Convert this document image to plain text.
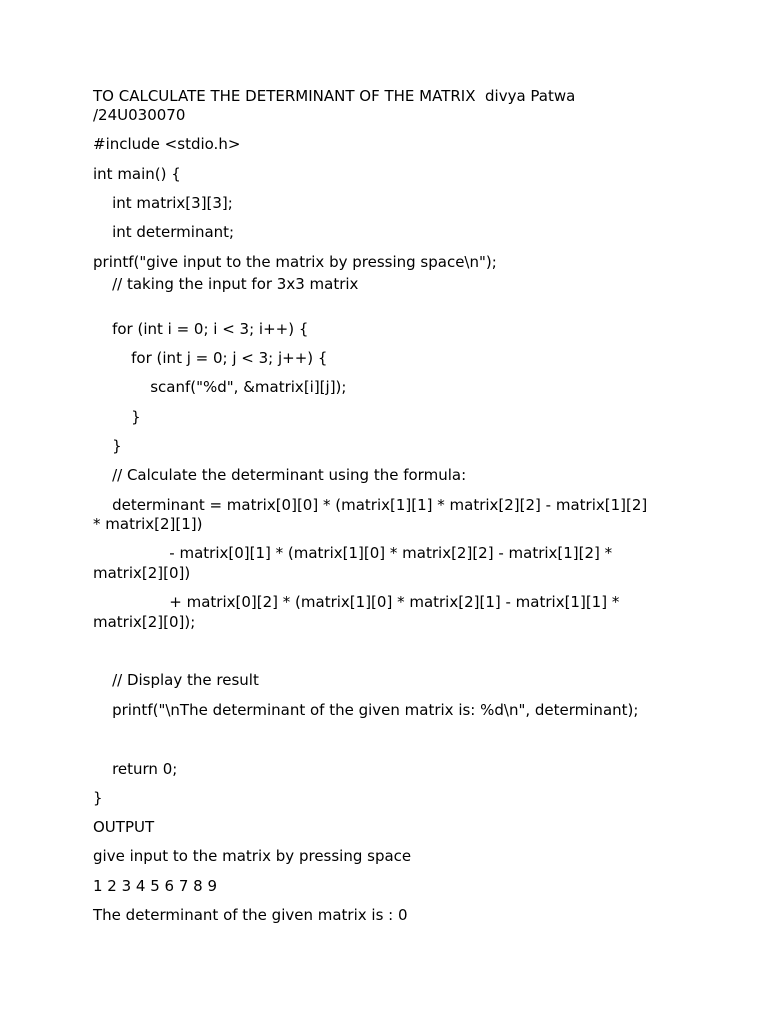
TO CALCULATE THE DETERMINANT OF THE MATRIX  divya Patwa
/24U030070
#include <stdio.h>
int main() {
int matrix[3][3];
int determinant;
printf("give input to the matrix by pressing space\n");
// taking the input for 3x3 matrix
for (int i = 0; i < 3; i++) {
for (int j = 0; j < 3; j++) {
scanf("%d", &matrix[i][j]);
}
}
// Calculate the determinant using the formula:
determinant = matrix[0][0] * (matrix[1][1] * matrix[2][2] - matrix[1][2]
* matrix[2][1])
- matrix[0][1] * (matrix[1][0] * matrix[2][2] - matrix[1][2] *
matrix[2][0])
+ matrix[0][2] * (matrix[1][0] * matrix[2][1] - matrix[1][1] *
matrix[2][0]);
// Display the result
printf("\nThe determinant of the given matrix is: %d\n", determinant);
return 0;
}
OUTPUT
give input to the matrix by pressing space
1 2 3 4 5 6 7 8 9
The determinant of the given matrix is : 0
